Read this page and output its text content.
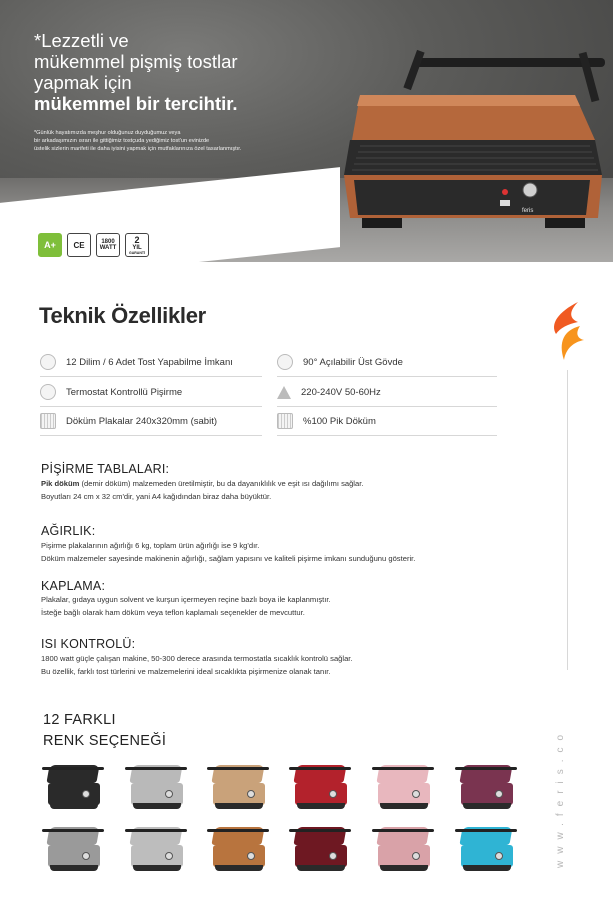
feris
*Lezzetli ve
mükemmel pişmiş tostlar
yapmak için
mükemmel bir tercihtir.
*Günlük hayatımızda meşhur olduğunuz duyduğumuz veya
bir arkadaşımızın ısrarı ile gittiğimiz tostçuda yediğimiz tost'un evinizde
üstelik sizlerin marifeti ile daha iyisini yapmak için mutfaklarınıza özel tasarlanmıştır.
A+	CE	1800
WATT
2
YIL
GARANTİ
Teknik Özellikler
12 Dilim / 6 Adet Tost Yapabilme İmkanı	90° Açılabilir Üst Gövde
Termostat Kontrollü Pişirme	220-240V 50-60Hz
Döküm Plakalar 240x320mm (sabit)	%100 Pik Döküm
PİŞİRME TABLALARI:
Pik döküm (demir döküm) malzemeden üretilmiştir, bu da dayanıklılık ve eşit ısı dağılımı sağlar.
Boyutları 24 cm x 32 cm'dir, yani A4 kağıdından biraz daha büyüktür.
AĞIRLIK:
Pişirme plakalarının ağırlığı 6 kg, toplam ürün ağırlığı ise 9 kg'dır.
Döküm malzemeler sayesinde makinenin ağırlığı, sağlam yapısını ve kaliteli pişirme imkanı sunduğunu gösterir.
KAPLAMA:
Plakalar, gıdaya uygun solvent ve kurşun içermeyen reçine bazlı boya ile kaplanmıştır.
İsteğe bağlı olarak ham döküm veya teflon kaplamalı seçenekler de mevcuttur.
ISI KONTROLÜ:
1800 watt güçle çalışan makine, 50-300 derece arasında termostatla sıcaklık kontrolü sağlar.
Bu özellik, farklı tost türlerini ve malzemelerini ideal sıcaklıkta pişirmenize olanak tanır.
12 FARKLI
RENK SEÇENEĞİ	www.feris.co
